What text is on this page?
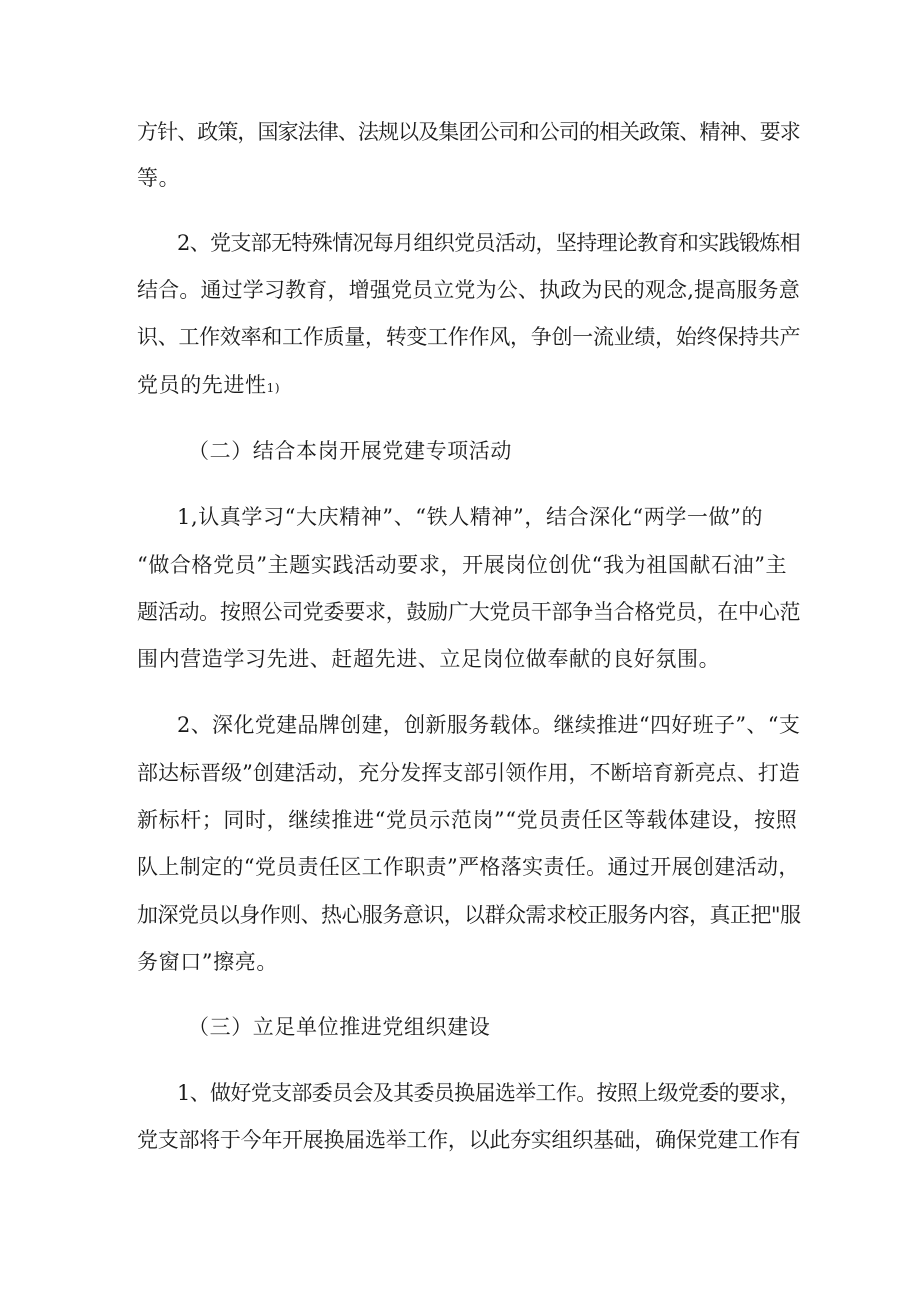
方针、政策，国家法律、法规以及集团公司和公司的相关政策、精神、要求
等。
2、党支部无特殊情况每月组织党员活动，坚持理论教育和实践锻炼相
结合。通过学习教育，增强党员立党为公、执政为民的观念,提高服务意
识、工作效率和工作质量，转变工作作风，争创一流业绩，始终保持共产
党员的先进性1)
（二）结合本岗开展党建专项活动
1,认真学习“大庆精神”、“铁人精神”，结合深化“两学一做”的
“做合格党员”主题实践活动要求，开展岗位创优“我为祖国献石油”主
题活动。按照公司党委要求，鼓励广大党员干部争当合格党员，在中心范
围内营造学习先进、赶超先进、立足岗位做奉献的良好氛围。
2、深化党建品牌创建，创新服务载体。继续推进“四好班子”、“支
部达标晋级”创建活动，充分发挥支部引领作用，不断培育新亮点、打造
新标杆；同时，继续推进“党员示范岗”“党员责任区等载体建设，按照
队上制定的“党员责任区工作职责”严格落实责任。通过开展创建活动，
加深党员以身作则、热心服务意识，以群众需求校正服务内容，真正把"服
务窗口”擦亮。
（三）立足单位推进党组织建设
1、做好党支部委员会及其委员换届选举工作。按照上级党委的要求，
党支部将于今年开展换届选举工作，以此夯实组织基础，确保党建工作有
